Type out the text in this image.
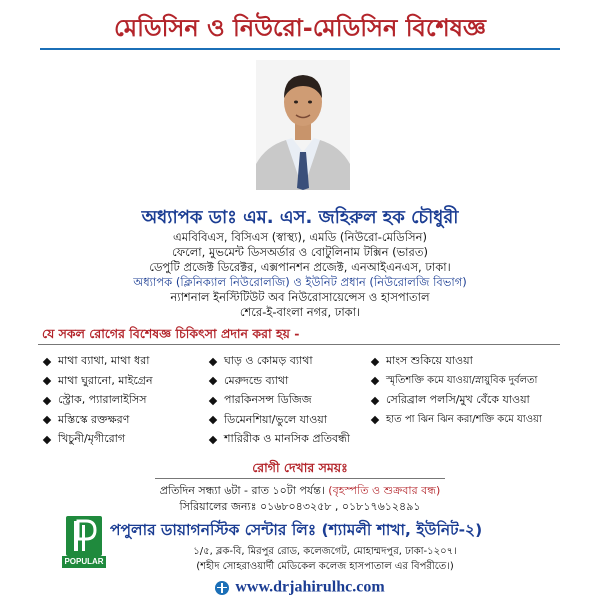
মেডিসিন ও নিউরো-মেডিসিন বিশেষজ্ঞ
অধ্যাপক ডাঃ এম. এস. জহিরুল হক চৌধুরী
এমবিবিএস, বিসিএস (স্বাস্থ্য), এমডি (নিউরো-মেডিসিন)
ফেলো, মুভমেন্ট ডিসঅর্ডার ও বোটুলিনাম টক্সিন (ভারত)
ডেপুটি প্রজেক্ট ডিরেক্টর, এক্সপানশন প্রজেক্ট, এনআইএনএস, ঢাকা।
অধ্যাপক (ক্লিনিক্যাল নিউরোলজি) ও ইউনিট প্রধান (নিউরোলজি বিভাগ)
ন্যাশনাল ইনস্টিটিউট অব নিউরোসায়েন্সেস ও হাসপাতাল
শেরে-ই-বাংলা নগর, ঢাকা।
যে সকল রোগের বিশেষজ্ঞ চিকিৎসা প্রদান করা হয় -
মাথা ব্যাথা, মাথা ধরা
মাথা ঘুরানো, মাইগ্রেন
স্ট্রোক, প্যারালাইসিস
মস্তিস্কে রক্তক্ষরণ
খিচুনী/মৃগীরোগ
ঘাড় ও কোমড় ব্যাথা
মেরুদন্ডে ব্যাথা
পারকিনসন্স ডিজিজ
ডিমেনশিয়া/ভুলে যাওয়া
শারিরীক ও মানসিক প্রতিবন্ধী
মাংস শুকিয়ে যাওয়া
স্মৃতিশক্তি কমে যাওয়া/স্নায়ুবিক দুর্বলতা
সেরিব্রাল পলসি/মুখ বেঁকে যাওয়া
হাত পা ঝিন ঝিন করা/শক্তি কমে যাওয়া
রোগী দেখার সময়ঃ
প্রতিদিন সন্ধ্যা ৬টা - রাত ১০টা পর্যন্ত। (বৃহস্পতি ও শুক্রবার বন্ধ)
সিরিয়ালের জন্যঃ ০১৬৮০৪৩২৫৮ , ০১৮১৭৬১২৪৯১
POPULAR
পপুলার ডায়াগনস্টিক সেন্টার লিঃ (শ্যামলী শাখা, ইউনিট-২)
১/৫, ব্লক-বি, মিরপুর রোড, কলেজগেট, মোহাম্মদপুর, ঢাকা-১২০৭।
(শহীদ সোহরাওয়ার্দী মেডিকেল কলেজ হাসপাতাল এর বিপরীতে।)
www.drjahirulhc.com
